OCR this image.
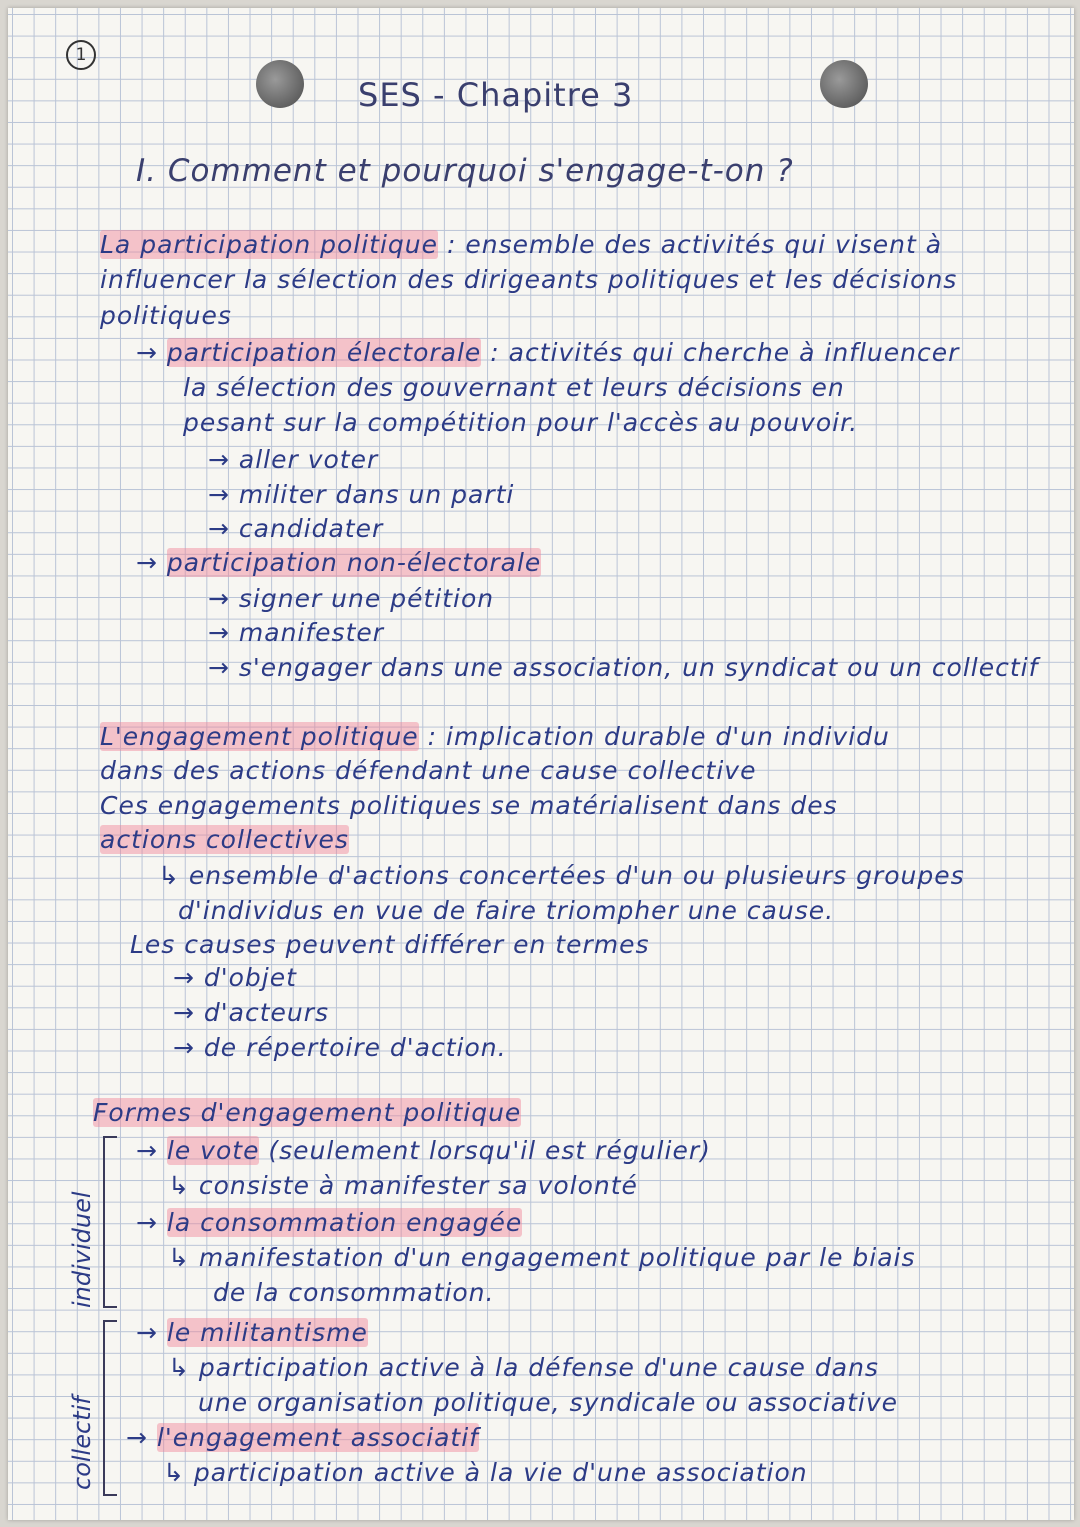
1
SES - Chapitre 3
I. Comment et pourquoi s'engage-t-on ?
La participation politique : ensemble des activités qui visent à
influencer la sélection des dirigeants politiques et les décisions
politiques
→ participation électorale : activités qui cherche à influencer
la sélection des gouvernant et leurs décisions en
pesant sur la compétition pour l'accès au pouvoir.
→ aller voter
→ militer dans un parti
→ candidater
→ participation non-électorale
→ signer une pétition
→ manifester
→ s'engager dans une association, un syndicat ou un collectif
L'engagement politique : implication durable d'un individu
dans des actions défendant une cause collective
Ces engagements politiques se matérialisent dans des
actions collectives
↳ ensemble d'actions concertées d'un ou plusieurs groupes
d'individus en vue de faire triompher une cause.
Les causes peuvent différer en termes
→ d'objet
→ d'acteurs
→ de répertoire d'action.
Formes d'engagement politique
→ le vote (seulement lorsqu'il est régulier)
↳ consiste à manifester sa volonté
→ la consommation engagée
↳ manifestation d'un engagement politique par le biais
de la consommation.
→ le militantisme
↳ participation active à la défense d'une cause dans
une organisation politique, syndicale ou associative
→ l'engagement associatif
↳ participation active à la vie d'une association
individuel
collectif
